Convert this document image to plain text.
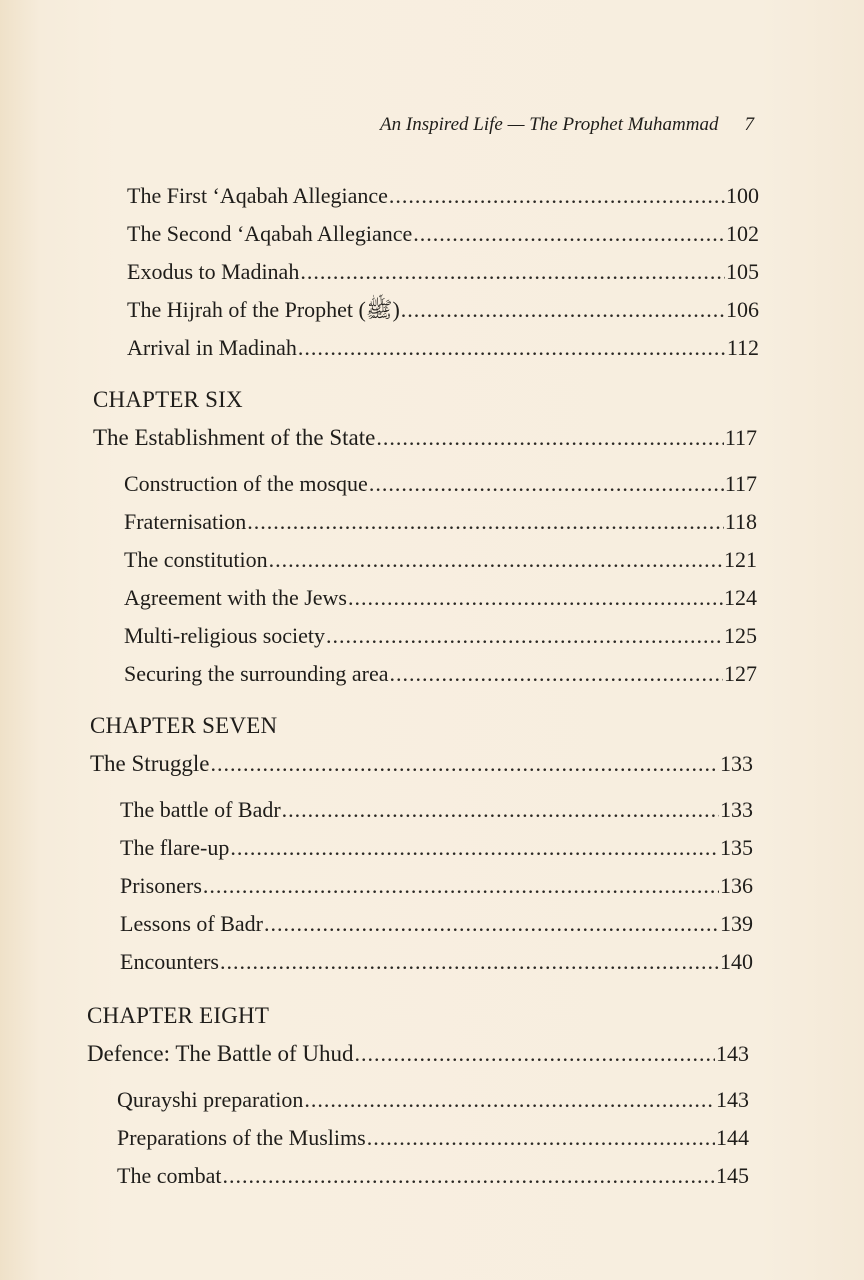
An Inspired Life — The Prophet Muhammad 7
The First ‘Aqabah Allegiance .....	100
The Second ‘Aqabah Allegiance .....	102
Exodus to Madinah .....	105
The Hijrah of the Prophet (ﷺ) .....	106
Arrival in Madinah .....	112
CHAPTER SIX
The Establishment of the State .....	117
Construction of the mosque .....	117
Fraternisation .....	118
The constitution .....	121
Agreement with the Jews .....	124
Multi-religious society .....	125
Securing the surrounding area .....	127
CHAPTER SEVEN
The Struggle .....	133
The battle of Badr .....	133
The flare-up .....	135
Prisoners .....	136
Lessons of Badr .....	139
Encounters .....	140
CHAPTER EIGHT
Defence: The Battle of Uhud .....	143
Qurayshi preparation .....	143
Preparations of the Muslims .....	144
The combat .....	145
